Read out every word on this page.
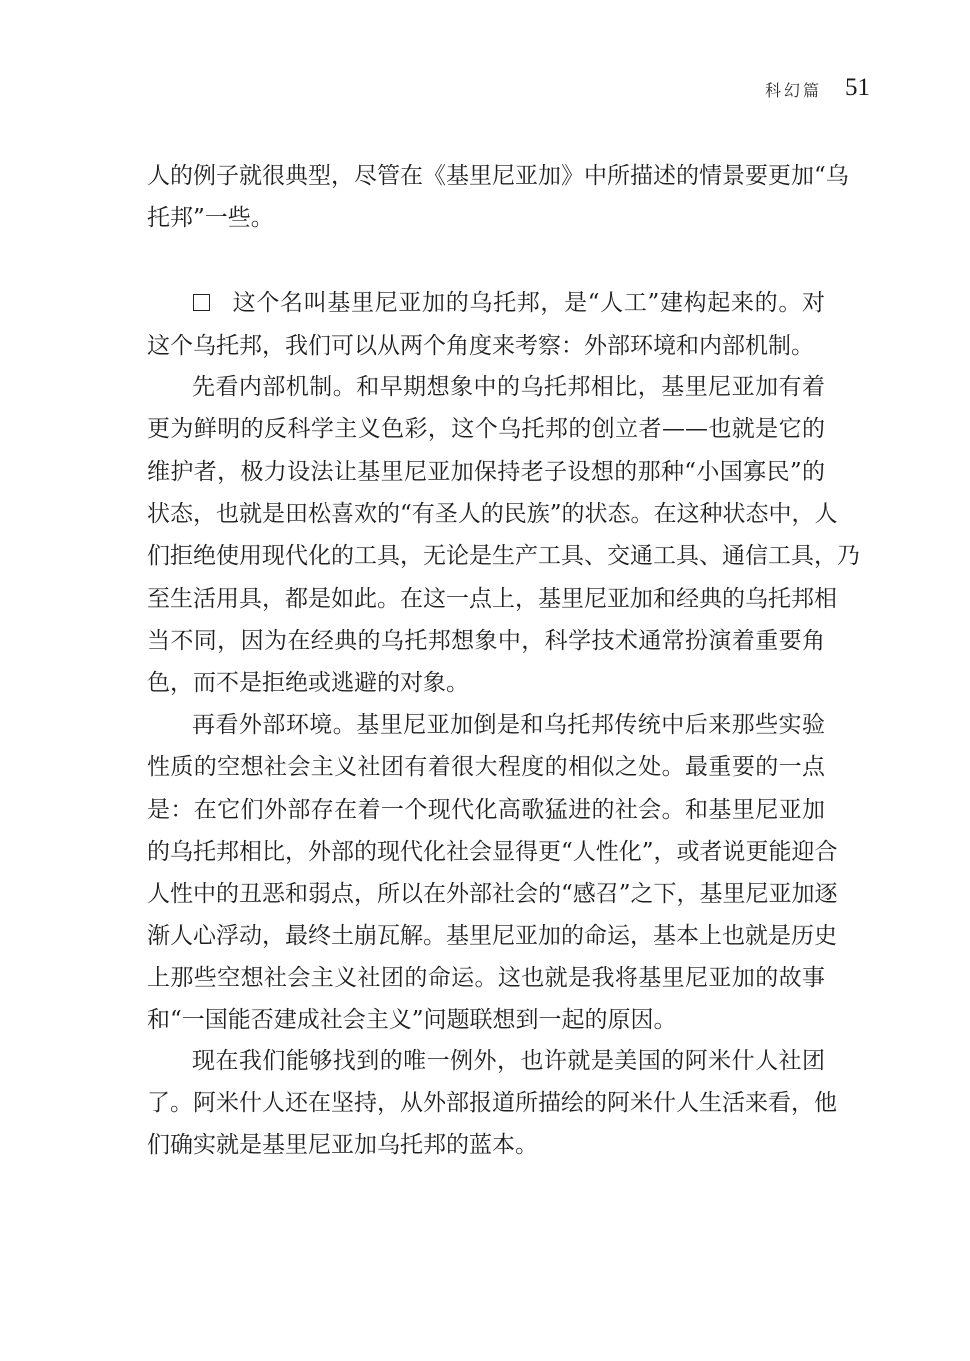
科幻篇 51
人的例子就很典型，尽管在《基里尼亚加》中所描述的情景要更加“乌
托邦”一些。
这个名叫基里尼亚加的乌托邦，是“人工”建构起来的。对
这个乌托邦，我们可以从两个角度来考察：外部环境和内部机制。
先看内部机制。和早期想象中的乌托邦相比，基里尼亚加有着
更为鲜明的反科学主义色彩，这个乌托邦的创立者——也就是它的
维护者，极力设法让基里尼亚加保持老子设想的那种“小国寡民”的
状态，也就是田松喜欢的“有圣人的民族”的状态。在这种状态中，人
们拒绝使用现代化的工具，无论是生产工具、交通工具、通信工具，乃
至生活用具，都是如此。在这一点上，基里尼亚加和经典的乌托邦相
当不同，因为在经典的乌托邦想象中，科学技术通常扮演着重要角
色，而不是拒绝或逃避的对象。
再看外部环境。基里尼亚加倒是和乌托邦传统中后来那些实验
性质的空想社会主义社团有着很大程度的相似之处。最重要的一点
是：在它们外部存在着一个现代化高歌猛进的社会。和基里尼亚加
的乌托邦相比，外部的现代化社会显得更“人性化”，或者说更能迎合
人性中的丑恶和弱点，所以在外部社会的“感召”之下，基里尼亚加逐
渐人心浮动，最终土崩瓦解。基里尼亚加的命运，基本上也就是历史
上那些空想社会主义社团的命运。这也就是我将基里尼亚加的故事
和“一国能否建成社会主义”问题联想到一起的原因。
现在我们能够找到的唯一例外，也许就是美国的阿米什人社团
了。阿米什人还在坚持，从外部报道所描绘的阿米什人生活来看，他
们确实就是基里尼亚加乌托邦的蓝本。
